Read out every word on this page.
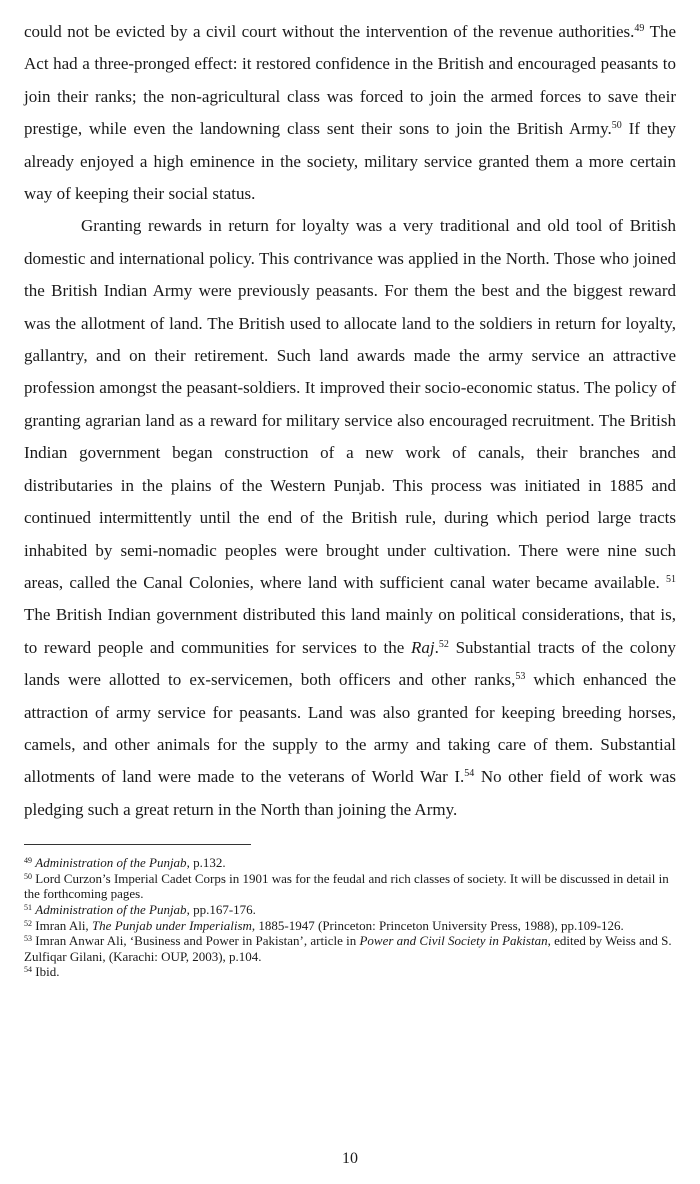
could not be evicted by a civil court without the intervention of the revenue authorities.$^{49}$ The Act had a three-pronged effect: it restored confidence in the British and encouraged peasants to join their ranks; the non-agricultural class was forced to join the armed forces to save their prestige, while even the landowning class sent their sons to join the British Army.$^{50}$ If they already enjoyed a high eminence in the society, military service granted them a more certain way of keeping their social status.

Granting rewards in return for loyalty was a very traditional and old tool of British domestic and international policy. This contrivance was applied in the North. Those who joined the British Indian Army were previously peasants. For them the best and the biggest reward was the allotment of land. The British used to allocate land to the soldiers in return for loyalty, gallantry, and on their retirement. Such land awards made the army service an attractive profession amongst the peasant-soldiers. It improved their socio-economic status. The policy of granting agrarian land as a reward for military service also encouraged recruitment. The British Indian government began construction of a new work of canals, their branches and distributaries in the plains of the Western Punjab. This process was initiated in 1885 and continued intermittently until the end of the British rule, during which period large tracts inhabited by semi-nomadic peoples were brought under cultivation. There were nine such areas, called the Canal Colonies, where land with sufficient canal water became available. $^{51}$ The British Indian government distributed this land mainly on political considerations, that is, to reward people and communities for services to the Raj.$^{52}$ Substantial tracts of the colony lands were allotted to ex-servicemen, both officers and other ranks,$^{53}$ which enhanced the attraction of army service for peasants. Land was also granted for keeping breeding horses, camels, and other animals for the supply to the army and taking care of them. Substantial allotments of land were made to the veterans of World War I.$^{54}$ No other field of work was pledging such a great return in the North than joining the Army.

$^{49}$ Administration of the Punjab, p.132.
$^{50}$ Lord Curzon’s Imperial Cadet Corps in 1901 was for the feudal and rich classes of society. It will be discussed in detail in the forthcoming pages.
$^{51}$ Administration of the Punjab, pp.167-176.
$^{52}$ Imran Ali, The Punjab under Imperialism, 1885-1947 (Princeton: Princeton University Press, 1988), pp.109-126.
$^{53}$ Imran Anwar Ali, ‘Business and Power in Pakistan’, article in Power and Civil Society in Pakistan, edited by Weiss and S. Zulfiqar Gilani, (Karachi: OUP, 2003), p.104.
$^{54}$ Ibid.
10
